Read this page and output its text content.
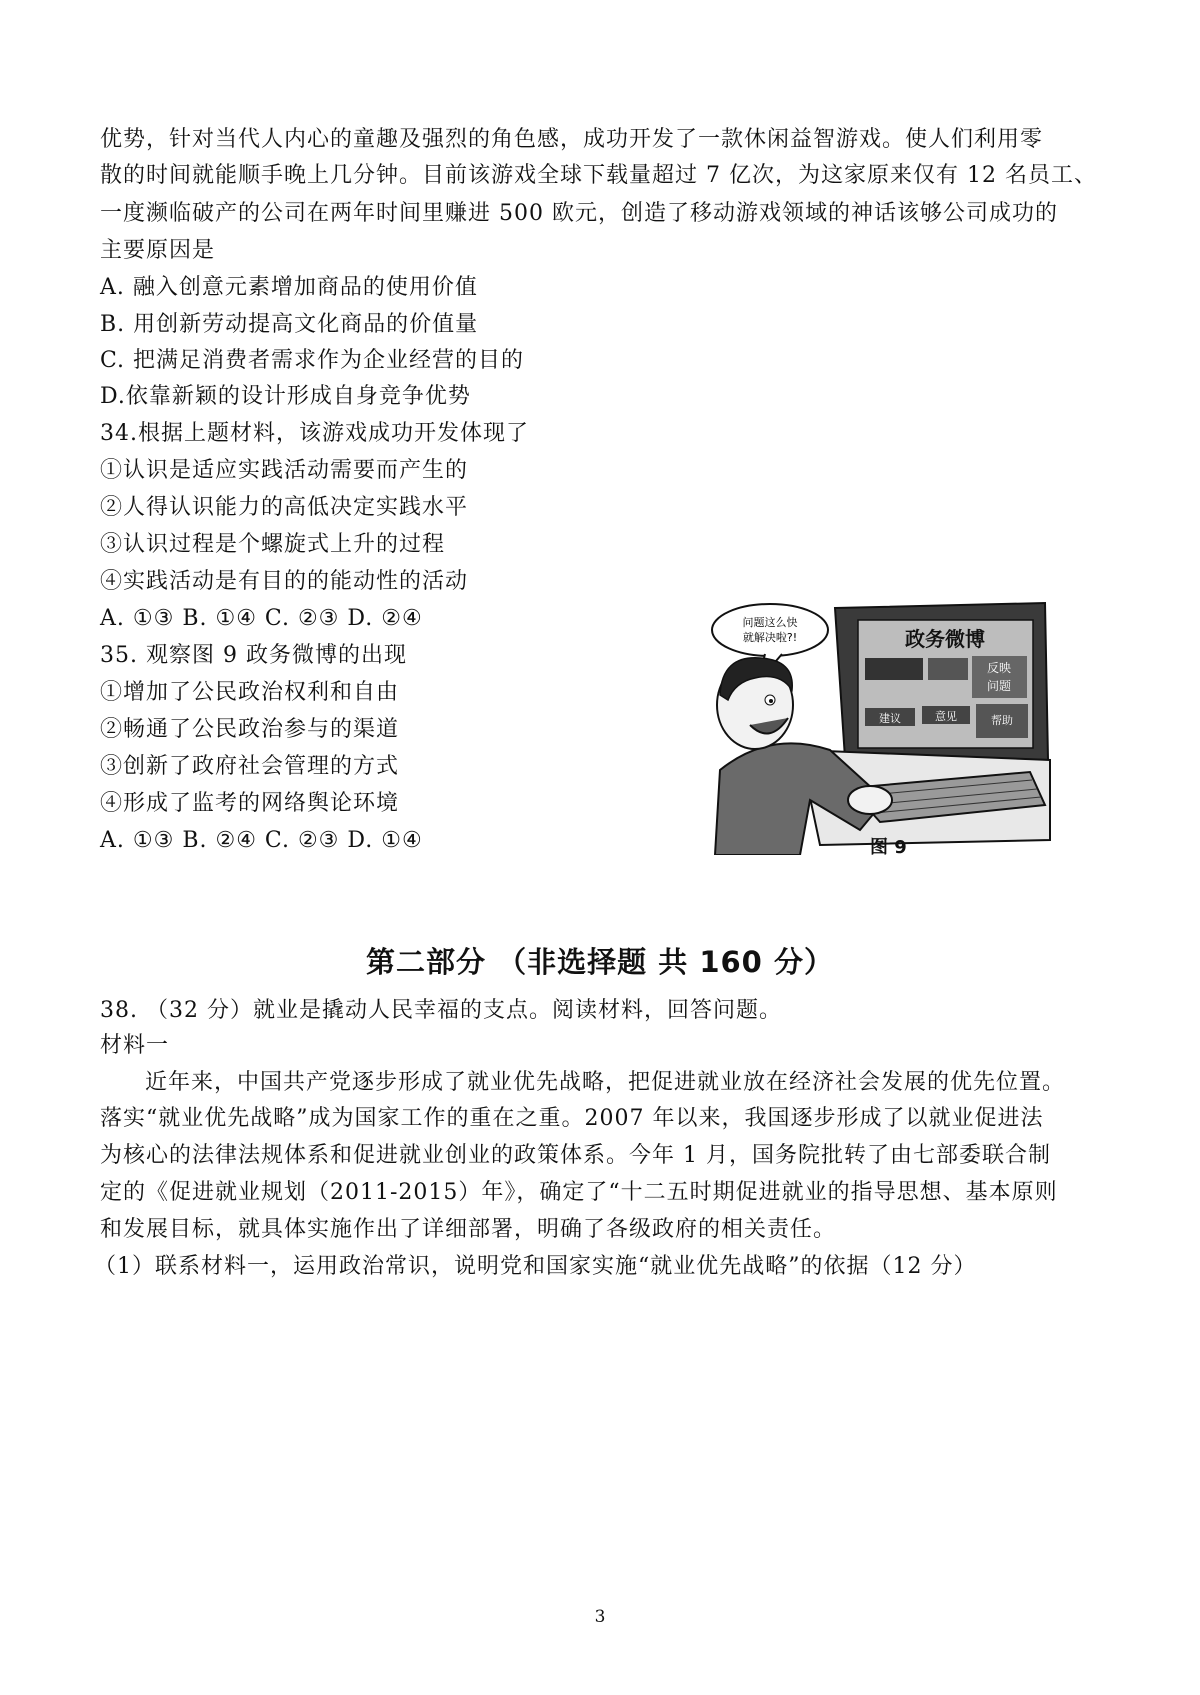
优势，针对当代人内心的童趣及强烈的角色感，成功开发了一款休闲益智游戏。使人们利用零
散的时间就能顺手晚上几分钟。目前该游戏全球下载量超过 7 亿次，为这家原来仅有 12 名员工、
一度濒临破产的公司在两年时间里赚进 500 欧元，创造了移动游戏领域的神话该够公司成功的
主要原因是
A. 融入创意元素增加商品的使用价值
B. 用创新劳动提高文化商品的价值量
C. 把满足消费者需求作为企业经营的目的
D.依靠新颖的设计形成自身竞争优势
34.根据上题材料，该游戏成功开发体现了
①认识是适应实践活动需要而产生的
②人得认识能力的高低决定实践水平
③认识过程是个螺旋式上升的过程
④实践活动是有目的的能动性的活动
A. ①③ B. ①④ C. ②③ D. ②④
35. 观察图 9 政务微博的出现
①增加了公民政治权利和自由
②畅通了公民政治参与的渠道
③创新了政府社会管理的方式
④形成了监考的网络舆论环境
A. ①③ B. ②④ C. ②③ D. ①④
问题这么快
就解决啦?!	政务微博
反映
问题
建议	意见	帮助
图 9
第二部分 （非选择题 共 160 分）
38. （32 分）就业是撬动人民幸福的支点。阅读材料，回答问题。
材料一
近年来，中国共产党逐步形成了就业优先战略，把促进就业放在经济社会发展的优先位置。
落实“就业优先战略”成为国家工作的重在之重。2007 年以来，我国逐步形成了以就业促进法
为核心的法律法规体系和促进就业创业的政策体系。今年 1 月，国务院批转了由七部委联合制
定的《促进就业规划（2011-2015）年》，确定了“十二五时期促进就业的指导思想、基本原则
和发展目标，就具体实施作出了详细部署，明确了各级政府的相关责任。
（1）联系材料一，运用政治常识，说明党和国家实施“就业优先战略”的依据（12 分）
3
